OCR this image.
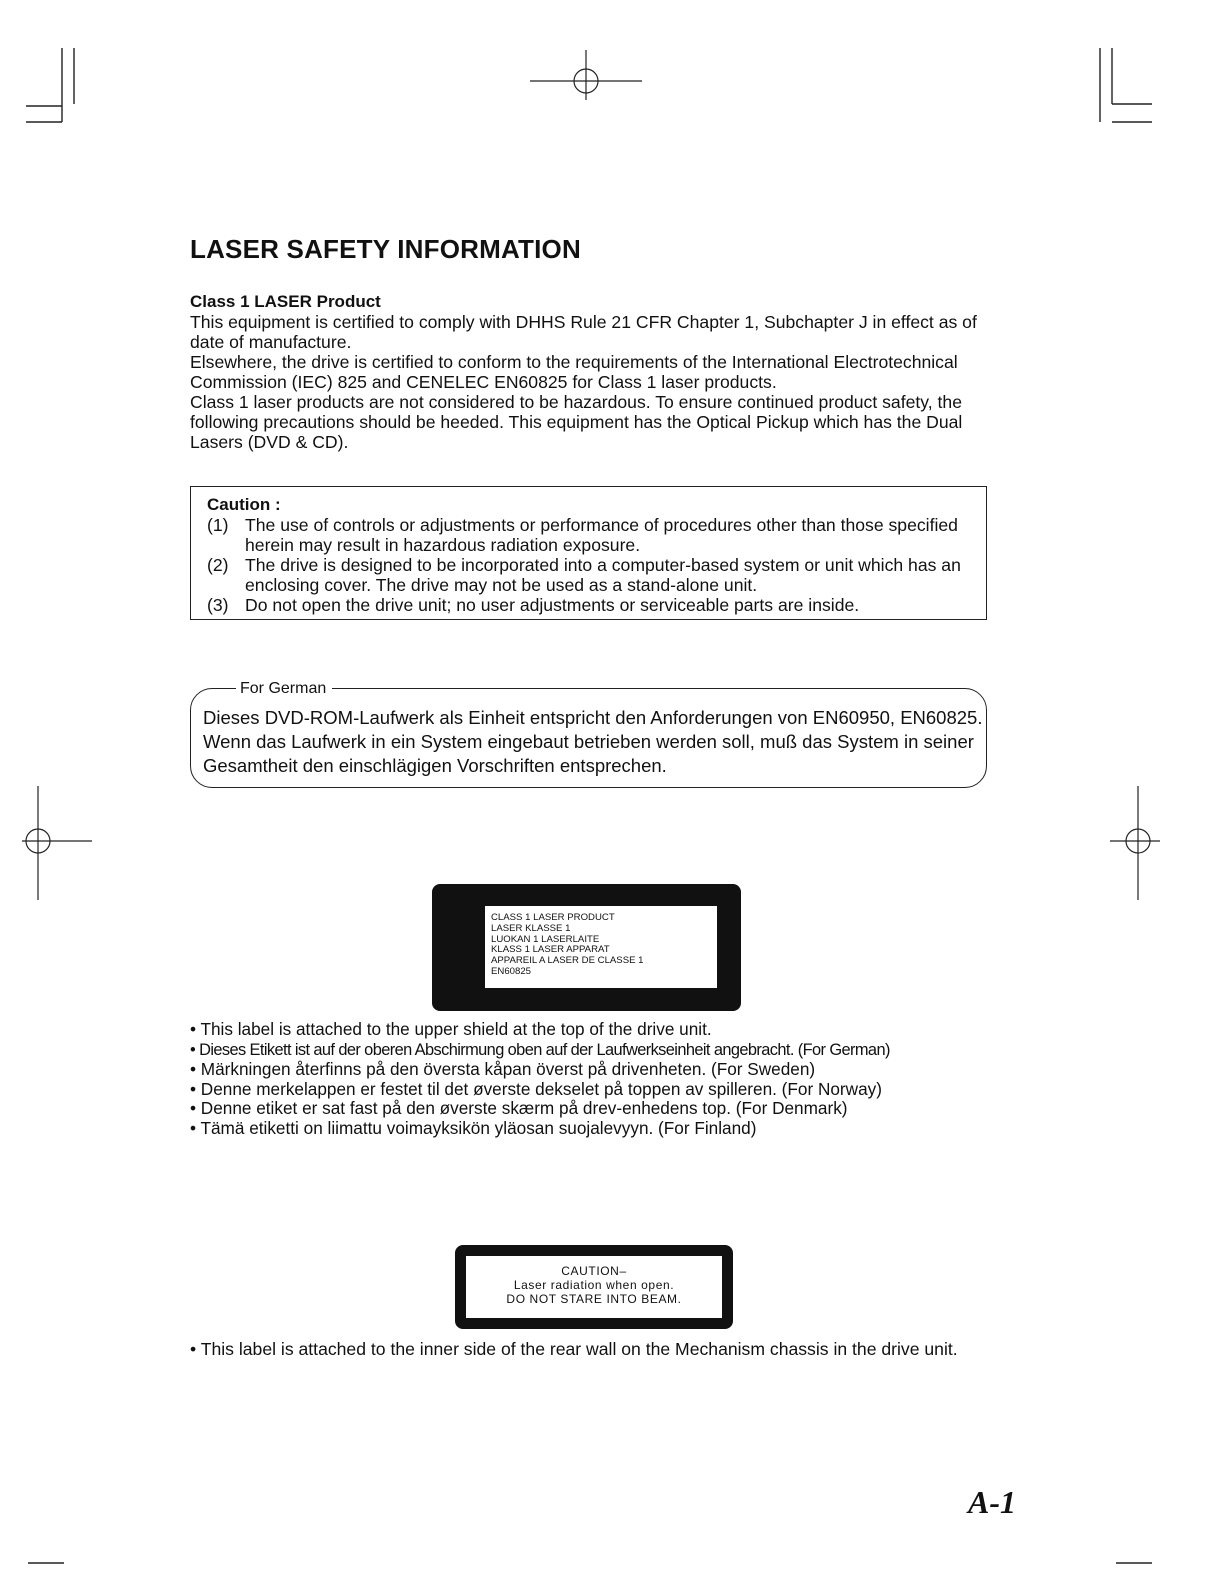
LASER SAFETY INFORMATION
Class 1 LASER Product

This equipment is certified to comply with DHHS Rule 21 CFR Chapter 1, Subchapter J in effect as of date of manufacture.

Elsewhere, the drive is certified to conform to the requirements of the International Electrotechnical Commission (IEC) 825 and CENELEC EN60825 for Class 1 laser products.

Class 1 laser products are not considered to be hazardous. To ensure continued product safety, the following precautions should be heeded. This equipment has the Optical Pickup which has the Dual Lasers (DVD & CD).

Caution :
(1) The use of controls or adjustments or performance of procedures other than those specified herein may result in hazardous radiation exposure.
(2) The drive is designed to be incorporated into a computer-based system or unit which has an enclosing cover. The drive may not be used as a stand-alone unit.
(3) Do not open the drive unit; no user adjustments or serviceable parts are inside.
For German
Dieses DVD-ROM-Laufwerk als Einheit entspricht den Anforderungen von EN60950, EN60825. Wenn das Laufwerk in ein System eingebaut betrieben werden soll, muß das System in seiner Gesamtheit den einschlägigen Vorschriften entsprechen.
CLASS 1 LASER PRODUCT
LASER KLASSE 1
LUOKAN 1 LASERLAITE
KLASS 1 LASER APPARAT
APPAREIL A LASER DE CLASSE 1
EN60825
• This label is attached to the upper shield at the top of the drive unit.
• Dieses Etikett ist auf der oberen Abschirmung oben auf der Laufwerkseinheit angebracht. (For German)
• Märkningen återfinns på den översta kåpan överst på drivenheten. (For Sweden)
• Denne merkelappen er festet til det øverste dekselet på toppen av spilleren. (For Norway)
• Denne etiket er sat fast på den øverste skærm på drev-enhedens top. (For Denmark)
• Tämä etiketti on liimattu voimayksikön yläosan suojalevyyn. (For Finland)
CAUTION–
Laser radiation when open.
DO NOT STARE INTO BEAM.
• This label is attached to the inner side of the rear wall on the Mechanism chassis in the drive unit.
A-1
